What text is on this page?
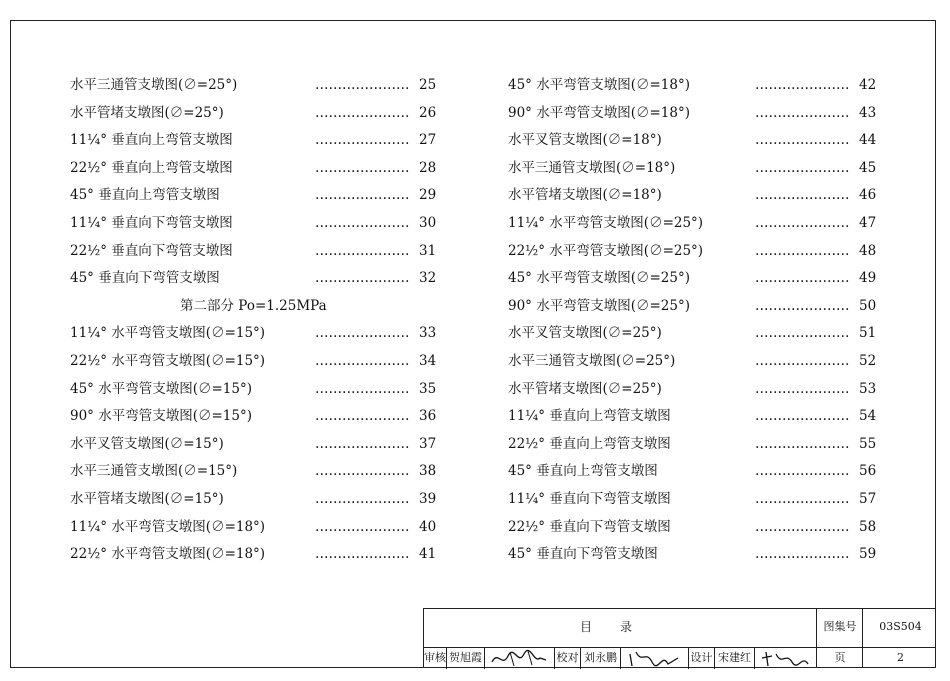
水平三通管支墩图(∅=25°)	………………… 25
水平管堵支墩图(∅=25°)	………………… 26
11¼° 垂直向上弯管支墩图	………………… 27
22½° 垂直向上弯管支墩图	………………… 28
45° 垂直向上弯管支墩图	………………… 29
11¼° 垂直向下弯管支墩图	………………… 30
22½° 垂直向下弯管支墩图	………………… 31
45° 垂直向下弯管支墩图	………………… 32
第二部分 Po=1.25MPa
11¼° 水平弯管支墩图(∅=15°)	………………… 33
22½° 水平弯管支墩图(∅=15°)	………………… 34
45° 水平弯管支墩图(∅=15°)	………………… 35
90° 水平弯管支墩图(∅=15°)	………………… 36
水平叉管支墩图(∅=15°)	………………… 37
水平三通管支墩图(∅=15°)	………………… 38
水平管堵支墩图(∅=15°)	………………… 39
11¼° 水平弯管支墩图(∅=18°)	………………… 40
22½° 水平弯管支墩图(∅=18°)	………………… 41
45° 水平弯管支墩图(∅=18°)	………………… 42
90° 水平弯管支墩图(∅=18°)	………………… 43
水平叉管支墩图(∅=18°)	………………… 44
水平三通管支墩图(∅=18°)	………………… 45
水平管堵支墩图(∅=18°)	………………… 46
11¼° 水平弯管支墩图(∅=25°)	………………… 47
22½° 水平弯管支墩图(∅=25°)	………………… 48
45° 水平弯管支墩图(∅=25°)	………………… 49
90° 水平弯管支墩图(∅=25°)	………………… 50
水平叉管支墩图(∅=25°)	………………… 51
水平三通管支墩图(∅=25°)	………………… 52
水平管堵支墩图(∅=25°)	………………… 53
11¼° 垂直向上弯管支墩图	………………… 54
22½° 垂直向上弯管支墩图	………………… 55
45° 垂直向上弯管支墩图	………………… 56
11¼° 垂直向下弯管支墩图	………………… 57
22½° 垂直向下弯管支墩图	………………… 58
45° 垂直向下弯管支墩图	………………… 59
目录	图集号	03S504
审核 贺旭霞	校对 刘永鹏	设计 宋建红	页	2
